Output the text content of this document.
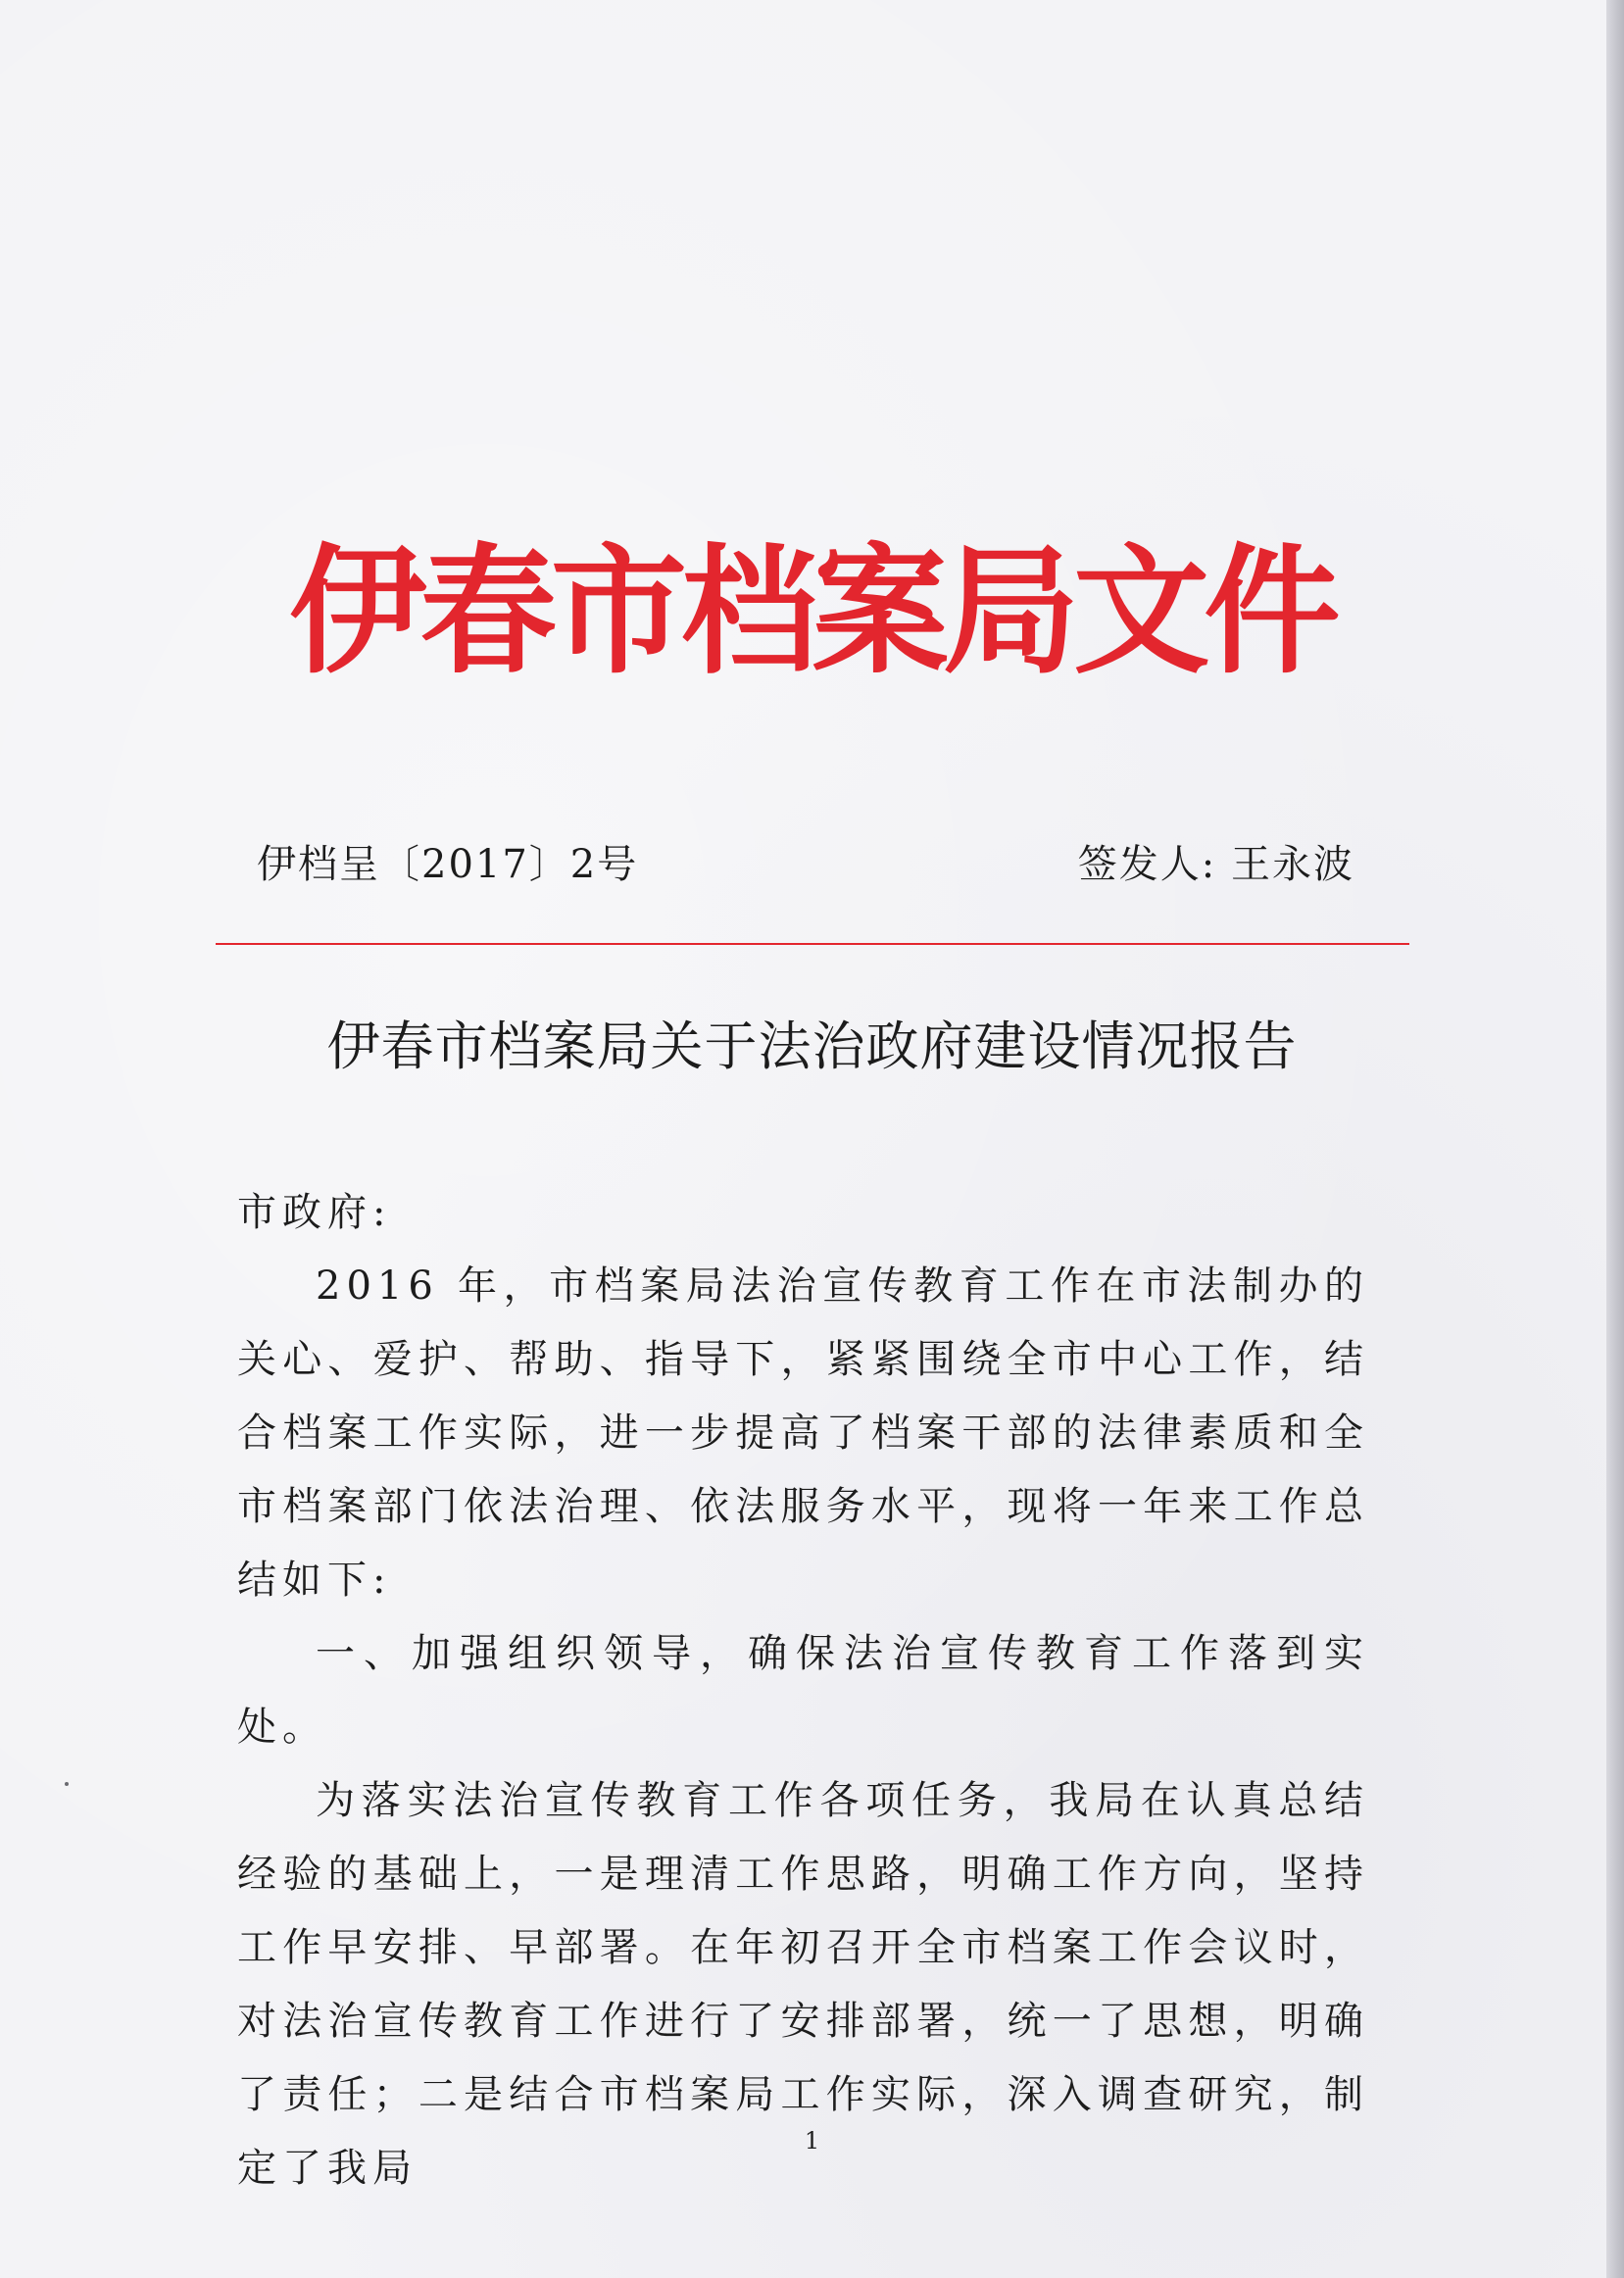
伊春市档案局文件
伊档呈〔2017〕2号	签发人: 王永波
伊春市档案局关于法治政府建设情况报告

市政府:

2016 年，市档案局法治宣传教育工作在市法制办的关心、爱护、帮助、指导下，紧紧围绕全市中心工作，结合档案工作实际，进一步提高了档案干部的法律素质和全市档案部门依法治理、依法服务水平，现将一年来工作总结如下:

一、加强组织领导，确保法治宣传教育工作落到实处。

为落实法治宣传教育工作各项任务，我局在认真总结经验的基础上，一是理清工作思路，明确工作方向，坚持工作早安排、早部署。在年初召开全市档案工作会议时，对法治宣传教育工作进行了安排部署，统一了思想，明确了责任；二是结合市档案局工作实际，深入调查研究，制定了我局

1
